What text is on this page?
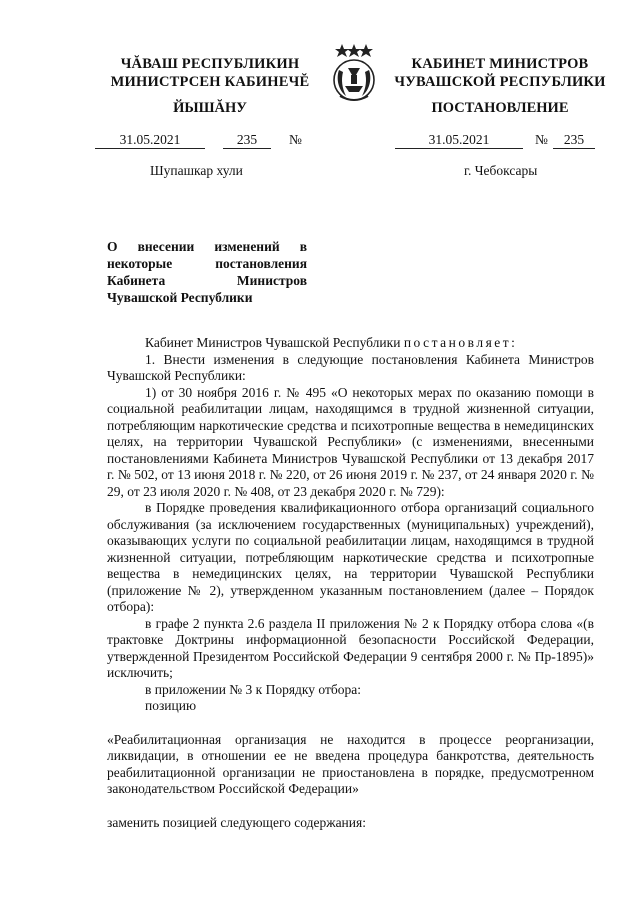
ЧĂВАШ РЕСПУБЛИКИН
МИНИСТРСЕН КАБИНЕЧĔ
ЙЫШĂНУ
КАБИНЕТ МИНИСТРОВ
ЧУВАШСКОЙ РЕСПУБЛИКИ
ПОСТАНОВЛЕНИЕ
31.05.2021	235	№	31.05.2021	№	235
Шупашкар хули	г. Чебоксары
О внесении изменений в некоторые постановления Кабинета Министров Чувашской Республики

Кабинет Министров Чувашской Республики постановляет:

1. Внести изменения в следующие постановления Кабинета Министров Чувашской Республики:

1) от 30 ноября 2016 г. № 495 «О некоторых мерах по оказанию помощи в социальной реабилитации лицам, находящимся в трудной жизненной ситуации, потребляющим наркотические средства и психотропные вещества в немедицинских целях, на территории Чувашской Республики» (с изменениями, внесенными постановлениями Кабинета Министров Чувашской Республики от 13 декабря 2017 г. № 502, от 13 июня 2018 г. № 220, от 26 июня 2019 г. № 237, от 24 января 2020 г. № 29, от 23 июля 2020 г. № 408, от 23 декабря 2020 г. № 729):

в Порядке проведения квалификационного отбора организаций социального обслуживания (за исключением государственных (муниципальных) учреждений), оказывающих услуги по социальной реабилитации лицам, находящимся в трудной жизненной ситуации, потребляющим наркотические средства и психотропные вещества в немедицинских целях, на территории Чувашской Республики (приложение № 2), утвержденном указанным постановлением (далее – Порядок отбора):

в графе 2 пункта 2.6 раздела II приложения № 2 к Порядку отбора слова «(в трактовке Доктрины информационной безопасности Российской Федерации, утвержденной Президентом Российской Федерации 9 сентября 2000 г. № Пр-1895)» исключить;

в приложении № 3 к Порядку отбора:

позицию

«Реабилитационная организация не находится в процессе реорганизации, ликвидации, в отношении ее не введена процедура банкротства, деятельность реабилитационной организации не приостановлена в порядке, предусмотренном законодательством Российской Федерации»

заменить позицией следующего содержания:
